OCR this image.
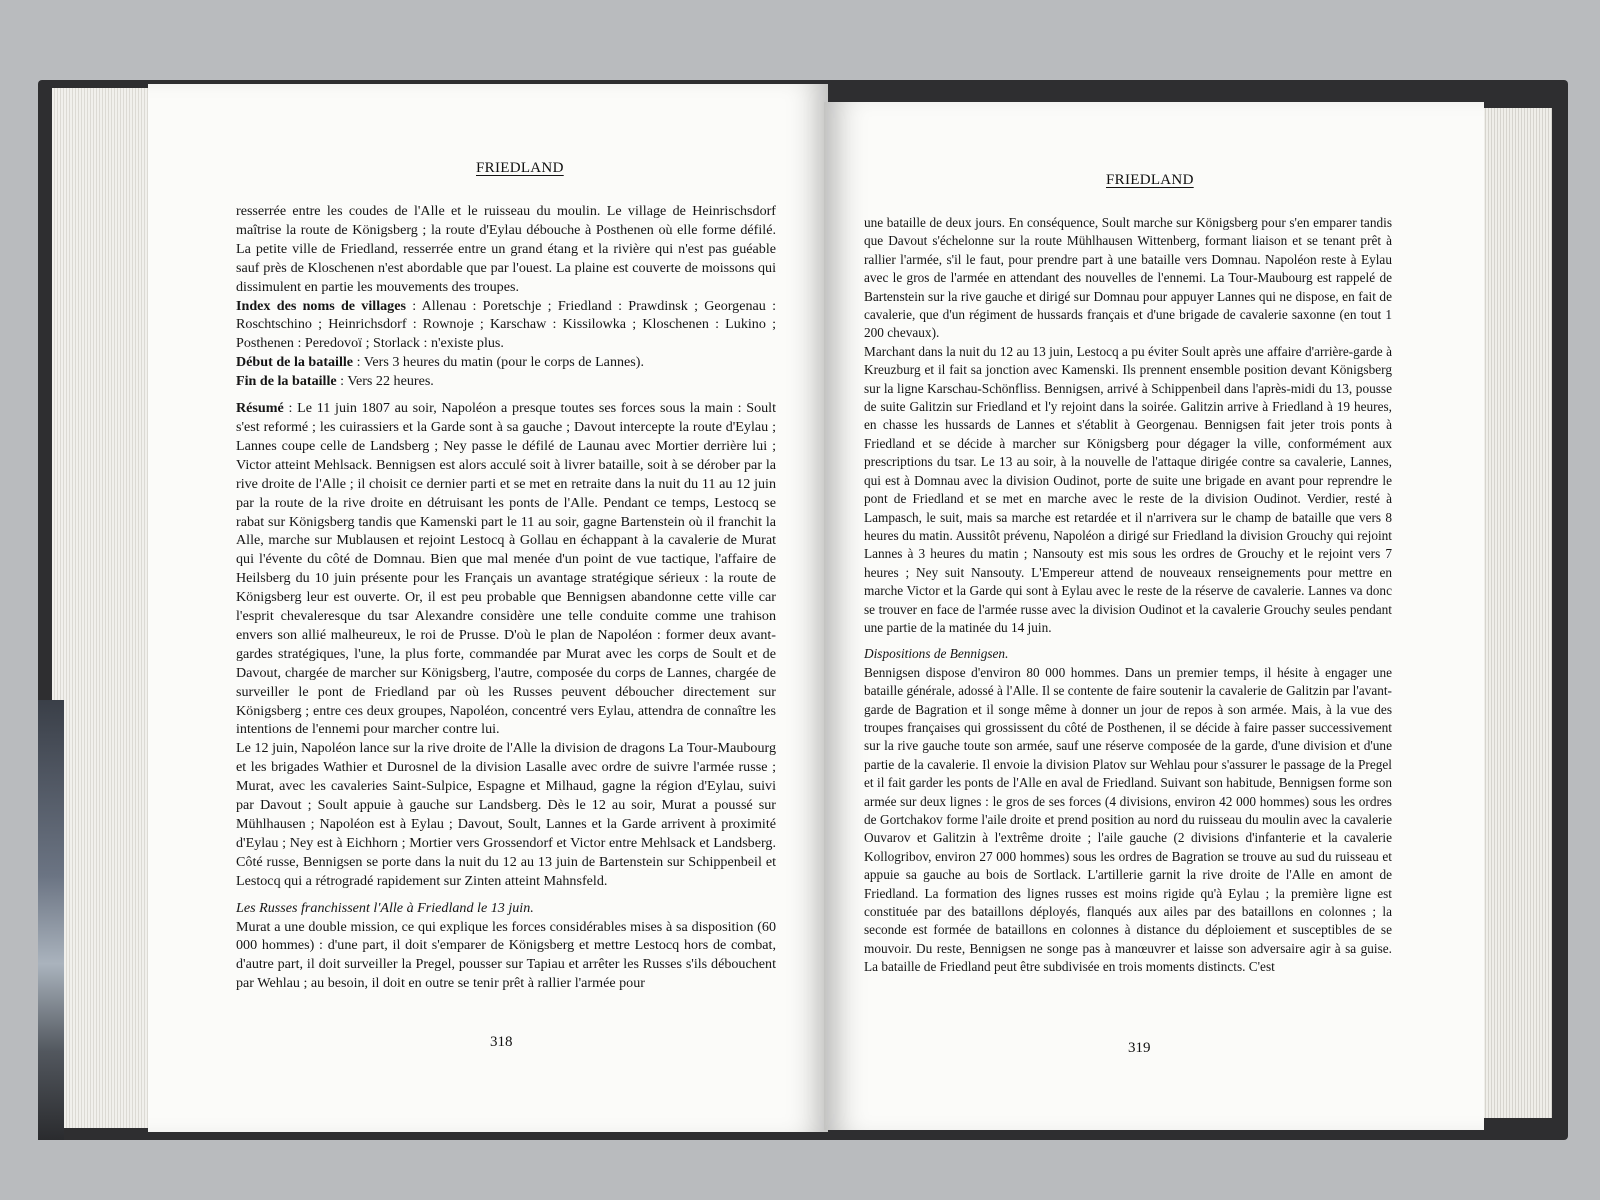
FRIEDLAND

resserrée entre les coudes de l'Alle et le ruisseau du moulin. Le village de Heinrischsdorf maîtrise la route de Königsberg ; la route d'Eylau débouche à Posthenen où elle forme défilé. La petite ville de Friedland, resserrée entre un grand étang et la rivière qui n'est pas guéable sauf près de Kloschenen n'est abordable que par l'ouest. La plaine est couverte de moissons qui dissimulent en partie les mouvements des troupes.

Index des noms de villages : Allenau : Poretschje ; Friedland : Prawdinsk ; Georgenau : Roschtschino ; Heinrichsdorf : Rownoje ; Karschaw : Kissilowka ; Kloschenen : Lukino ; Posthenen : Peredovoï ; Storlack : n'existe plus.

Début de la bataille : Vers 3 heures du matin (pour le corps de Lannes).

Fin de la bataille : Vers 22 heures.

Résumé : Le 11 juin 1807 au soir, Napoléon a presque toutes ses forces sous la main : Soult s'est reformé ; les cuirassiers et la Garde sont à sa gauche ; Davout intercepte la route d'Eylau ; Lannes coupe celle de Landsberg ; Ney passe le défilé de Launau avec Mortier derrière lui ; Victor atteint Mehlsack. Bennigsen est alors acculé soit à livrer bataille, soit à se dérober par la rive droite de l'Alle ; il choisit ce dernier parti et se met en retraite dans la nuit du 11 au 12 juin par la route de la rive droite en détruisant les ponts de l'Alle. Pendant ce temps, Lestocq se rabat sur Königsberg tandis que Kamenski part le 11 au soir, gagne Bartenstein où il franchit la Alle, marche sur Mublausen et rejoint Lestocq à Gollau en échappant à la cavalerie de Murat qui l'évente du côté de Domnau. Bien que mal menée d'un point de vue tactique, l'affaire de Heilsberg du 10 juin présente pour les Français un avantage stratégique sérieux : la route de Königsberg leur est ouverte. Or, il est peu probable que Bennigsen abandonne cette ville car l'esprit chevaleresque du tsar Alexandre considère une telle conduite comme une trahison envers son allié malheureux, le roi de Prusse. D'où le plan de Napoléon : former deux avant-gardes stratégiques, l'une, la plus forte, commandée par Murat avec les corps de Soult et de Davout, chargée de marcher sur Königsberg, l'autre, composée du corps de Lannes, chargée de surveiller le pont de Friedland par où les Russes peuvent déboucher directement sur Königsberg ; entre ces deux groupes, Napoléon, concentré vers Eylau, attendra de connaître les intentions de l'ennemi pour marcher contre lui.

Le 12 juin, Napoléon lance sur la rive droite de l'Alle la division de dragons La Tour-Maubourg et les brigades Wathier et Durosnel de la division Lasalle avec ordre de suivre l'armée russe ; Murat, avec les cavaleries Saint-Sulpice, Espagne et Milhaud, gagne la région d'Eylau, suivi par Davout ; Soult appuie à gauche sur Landsberg. Dès le 12 au soir, Murat a poussé sur Mühlhausen ; Napoléon est à Eylau ; Davout, Soult, Lannes et la Garde arrivent à proximité d'Eylau ; Ney est à Eichhorn ; Mortier vers Grossendorf et Victor entre Mehlsack et Landsberg. Côté russe, Bennigsen se porte dans la nuit du 12 au 13 juin de Bartenstein sur Schippenbeil et Lestocq qui a rétrogradé rapidement sur Zinten atteint Mahnsfeld.

Les Russes franchissent l'Alle à Friedland le 13 juin.

Murat a une double mission, ce qui explique les forces considérables mises à sa disposition (60 000 hommes) : d'une part, il doit s'emparer de Königsberg et mettre Lestocq hors de combat, d'autre part, il doit surveiller la Pregel, pousser sur Tapiau et arrêter les Russes s'ils débouchent par Wehlau ; au besoin, il doit en outre se tenir prêt à rallier l'armée pour

318
FRIEDLAND

une bataille de deux jours. En conséquence, Soult marche sur Königsberg pour s'en emparer tandis que Davout s'échelonne sur la route Mühlhausen Wittenberg, formant liaison et se tenant prêt à rallier l'armée, s'il le faut, pour prendre part à une bataille vers Domnau. Napoléon reste à Eylau avec le gros de l'armée en attendant des nouvelles de l'ennemi. La Tour-Maubourg est rappelé de Bartenstein sur la rive gauche et dirigé sur Domnau pour appuyer Lannes qui ne dispose, en fait de cavalerie, que d'un régiment de hussards français et d'une brigade de cavalerie saxonne (en tout 1 200 chevaux).

Marchant dans la nuit du 12 au 13 juin, Lestocq a pu éviter Soult après une affaire d'arrière-garde à Kreuzburg et il fait sa jonction avec Kamenski. Ils prennent ensemble position devant Königsberg sur la ligne Karschau-Schönfliss. Bennigsen, arrivé à Schippenbeil dans l'après-midi du 13, pousse de suite Galitzin sur Friedland et l'y rejoint dans la soirée. Galitzin arrive à Friedland à 19 heures, en chasse les hussards de Lannes et s'établit à Georgenau. Bennigsen fait jeter trois ponts à Friedland et se décide à marcher sur Königsberg pour dégager la ville, conformément aux prescriptions du tsar. Le 13 au soir, à la nouvelle de l'attaque dirigée contre sa cavalerie, Lannes, qui est à Domnau avec la division Oudinot, porte de suite une brigade en avant pour reprendre le pont de Friedland et se met en marche avec le reste de la division Oudinot. Verdier, resté à Lampasch, le suit, mais sa marche est retardée et il n'arrivera sur le champ de bataille que vers 8 heures du matin. Aussitôt prévenu, Napoléon a dirigé sur Friedland la division Grouchy qui rejoint Lannes à 3 heures du matin ; Nansouty est mis sous les ordres de Grouchy et le rejoint vers 7 heures ; Ney suit Nansouty. L'Empereur attend de nouveaux renseignements pour mettre en marche Victor et la Garde qui sont à Eylau avec le reste de la réserve de cavalerie. Lannes va donc se trouver en face de l'armée russe avec la division Oudinot et la cavalerie Grouchy seules pendant une partie de la matinée du 14 juin.

Dispositions de Bennigsen.

Bennigsen dispose d'environ 80 000 hommes. Dans un premier temps, il hésite à engager une bataille générale, adossé à l'Alle. Il se contente de faire soutenir la cavalerie de Galitzin par l'avant-garde de Bagration et il songe même à donner un jour de repos à son armée. Mais, à la vue des troupes françaises qui grossissent du côté de Posthenen, il se décide à faire passer successivement sur la rive gauche toute son armée, sauf une réserve composée de la garde, d'une division et d'une partie de la cavalerie. Il envoie la division Platov sur Wehlau pour s'assurer le passage de la Pregel et il fait garder les ponts de l'Alle en aval de Friedland. Suivant son habitude, Bennigsen forme son armée sur deux lignes : le gros de ses forces (4 divisions, environ 42 000 hommes) sous les ordres de Gortchakov forme l'aile droite et prend position au nord du ruisseau du moulin avec la cavalerie Ouvarov et Galitzin à l'extrême droite ; l'aile gauche (2 divisions d'infanterie et la cavalerie Kollogribov, environ 27 000 hommes) sous les ordres de Bagration se trouve au sud du ruisseau et appuie sa gauche au bois de Sortlack. L'artillerie garnit la rive droite de l'Alle en amont de Friedland. La formation des lignes russes est moins rigide qu'à Eylau ; la première ligne est constituée par des bataillons déployés, flanqués aux ailes par des bataillons en colonnes ; la seconde est formée de bataillons en colonnes à distance du déploiement et susceptibles de se mouvoir. Du reste, Bennigsen ne songe pas à manœuvrer et laisse son adversaire agir à sa guise. La bataille de Friedland peut être subdivisée en trois moments distincts. C'est

319
